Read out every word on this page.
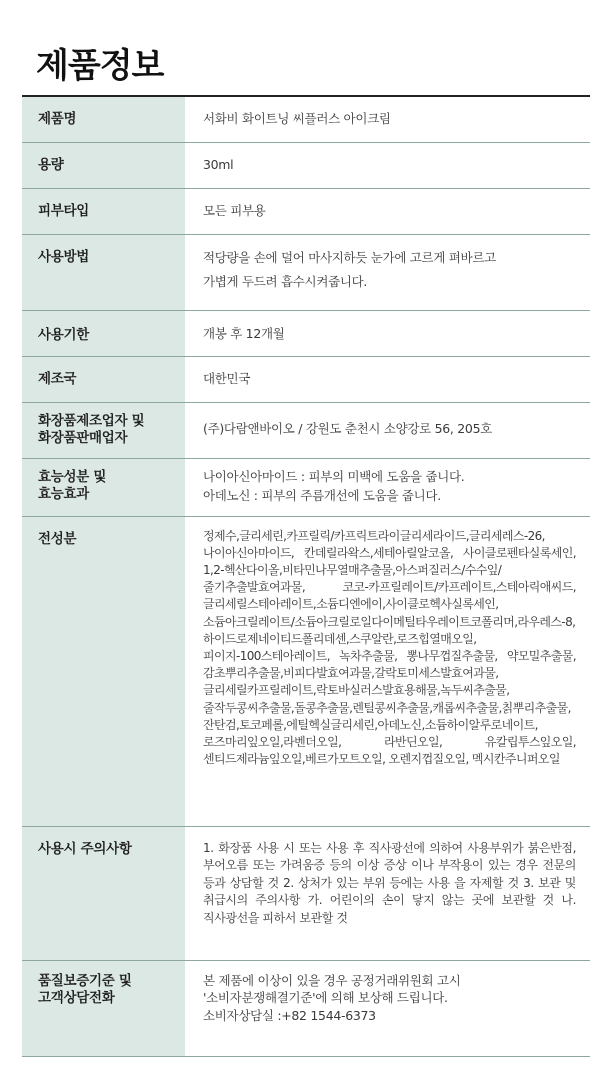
제품정보
제품명	서화비 화이트닝 씨플러스 아이크림
용량	30ml
피부타입	모든 피부용
사용방법	적당량을 손에 덜어 마사지하듯 눈가에 고르게 펴바르고
가볍게 두드려 흡수시켜줍니다.
사용기한	개봉 후 12개월
제조국	대한민국
화장품제조업자 및
화장품판매업자	(주)다람앤바이오 / 강원도 춘천시 소양강로 56, 205호
효능성분 및
효능효과	나이아신아마이드 : 피부의 미백에 도움을 줍니다.
아데노신 : 피부의 주름개선에 도움을 줍니다.
전성분	정제수,글리세린,카프릴릭/카프릭트라이글리세라이드,글리세레스-26, 나이아신아마이드, 칸데릴라왁스,세테아릴알코올, 사이클로펜타실록세인, 1,2-헥산다이올,비타민나무열매추출물,아스퍼질러스/수수잎/줄기추출발효여과물, 코코-카프릴레이트/카프레이트,스테아릭애씨드,글리세릴스테아레이트,소듐디엔에이,사이클로헥사실록세인,소듐아크릴레이트/소듐아크릴로일다이메틸타우레이트코폴리머,라우레스-8,하이드로제네이티드폴리데센,스쿠알란,로즈힙열매오일,피이지-100스테아레이트, 녹차추출물, 뽕나무껍질추출물, 약모밀추출물, 감초뿌리추출물,비피다발효여과물,갈락토미세스발효여과물, 글리세릴카프릴레이트,락토바실러스발효용해물,녹두씨추출물,줄작두콩씨추출물,돌콩추출물,렌틸콩씨추출물,캐롭씨추출물,칡뿌리추출물,잔탄검,토코페롤,에틸헥실글리세린,아데노신,소듐하이알루로네이트,로즈마리잎오일,라벤더오일, 라반딘오일, 유칼립투스잎오일, 센티드제라늄잎오일,베르가모트오일, 오렌지껍질오일, 멕시칸주니퍼오일
사용시 주의사항	1. 화장품 사용 시 또는 사용 후 직사광선에 의하여 사용부위가 붉은반점, 부어오름 또는 가려움증 등의 이상 증상 이나 부작용이 있는 경우 전문의 등과 상담할 것 2. 상처가 있는 부위 등에는 사용 을 자제할 것 3. 보관 및 취급시의 주의사항 가. 어린이의 손이 닿지 않는 곳에 보관할 것 나.직사광선을 피하서 보관할 것
품질보증기준 및
고객상담전화	본 제품에 이상이 있을 경우 공정거래위원회 고시 '소비자분쟁해결기준'에 의해 보상해 드립니다.
소비자상담실 :+82 1544-6373
